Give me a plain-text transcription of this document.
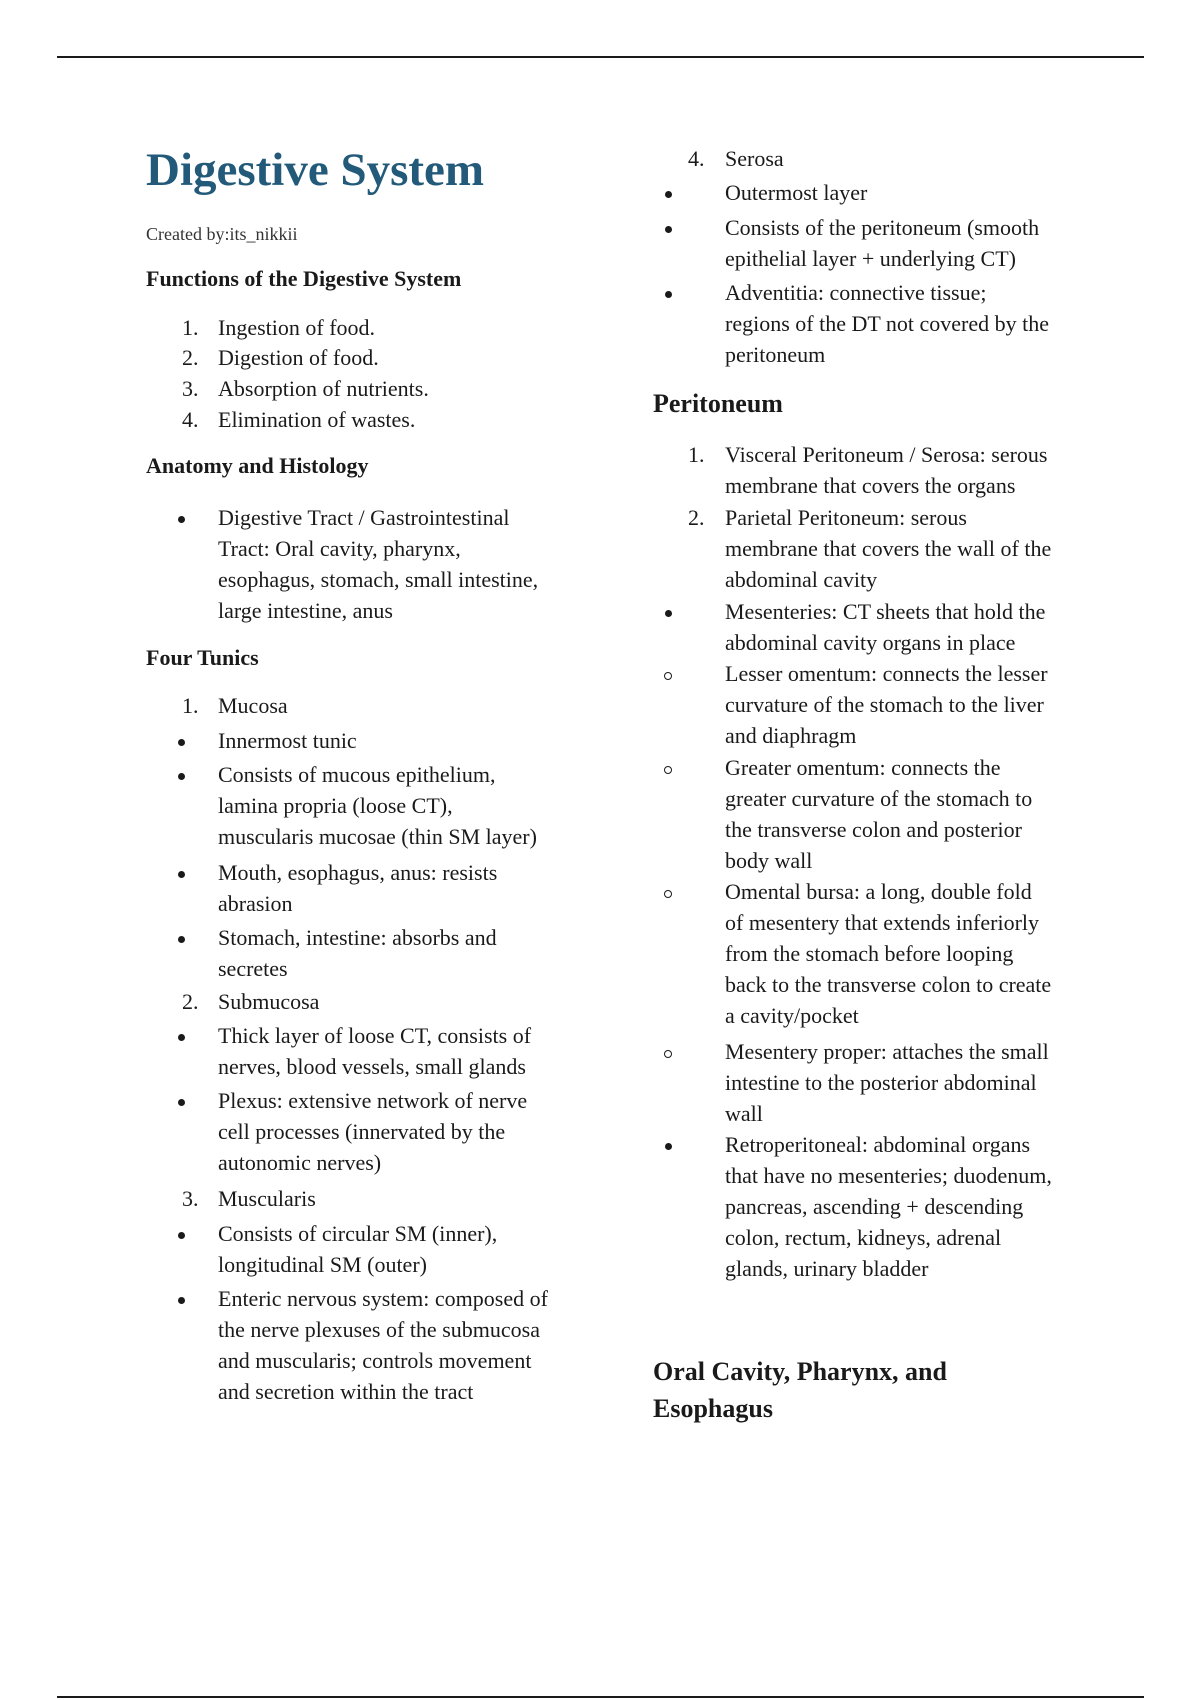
Digestive System
Created by:its_nikkii
Functions of the Digestive System
1. Ingestion of food.
2. Digestion of food.
3. Absorption of nutrients.
4. Elimination of wastes.
Anatomy and Histology
Digestive Tract / Gastrointestinal
Tract: Oral cavity, pharynx,
esophagus, stomach, small intestine,
large intestine, anus
Four Tunics
1. Mucosa
Innermost tunic
Consists of mucous epithelium,
lamina propria (loose CT),
muscularis mucosae (thin SM layer)
Mouth, esophagus, anus: resists
abrasion
Stomach, intestine: absorbs and
secretes
2. Submucosa
Thick layer of loose CT, consists of
nerves, blood vessels, small glands
Plexus: extensive network of nerve
cell processes (innervated by the
autonomic nerves)
3. Muscularis
Consists of circular SM (inner),
longitudinal SM (outer)
Enteric nervous system: composed of
the nerve plexuses of the submucosa
and muscularis; controls movement
and secretion within the tract
4. Serosa
Outermost layer
Consists of the peritoneum (smooth
epithelial layer + underlying CT)
Adventitia: connective tissue;
regions of the DT not covered by the
peritoneum
Peritoneum
1. Visceral Peritoneum / Serosa: serous
membrane that covers the organs
2. Parietal Peritoneum: serous
membrane that covers the wall of the
abdominal cavity
Mesenteries: CT sheets that hold the
abdominal cavity organs in place
Lesser omentum: connects the lesser
curvature of the stomach to the liver
and diaphragm
Greater omentum: connects the
greater curvature of the stomach to
the transverse colon and posterior
body wall
Omental bursa: a long, double fold
of mesentery that extends inferiorly
from the stomach before looping
back to the transverse colon to create
a cavity/pocket
Mesentery proper: attaches the small
intestine to the posterior abdominal
wall
Retroperitoneal: abdominal organs
that have no mesenteries; duodenum,
pancreas, ascending + descending
colon, rectum, kidneys, adrenal
glands, urinary bladder
Oral Cavity, Pharynx, and
Esophagus
